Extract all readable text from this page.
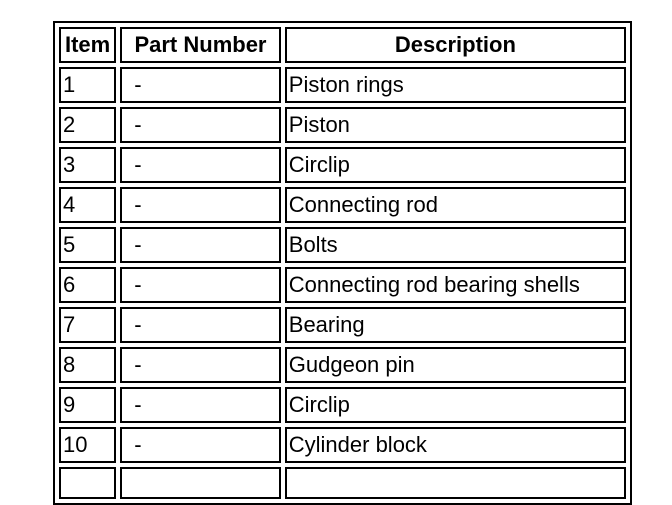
Item	Part Number	Description
1	-	Piston rings
2	-	Piston
3	-	Circlip
4	-	Connecting rod
5	-	Bolts
6	-	Connecting rod bearing shells
7	-	Bearing
8	-	Gudgeon pin
9	-	Circlip
10	-	Cylinder block
